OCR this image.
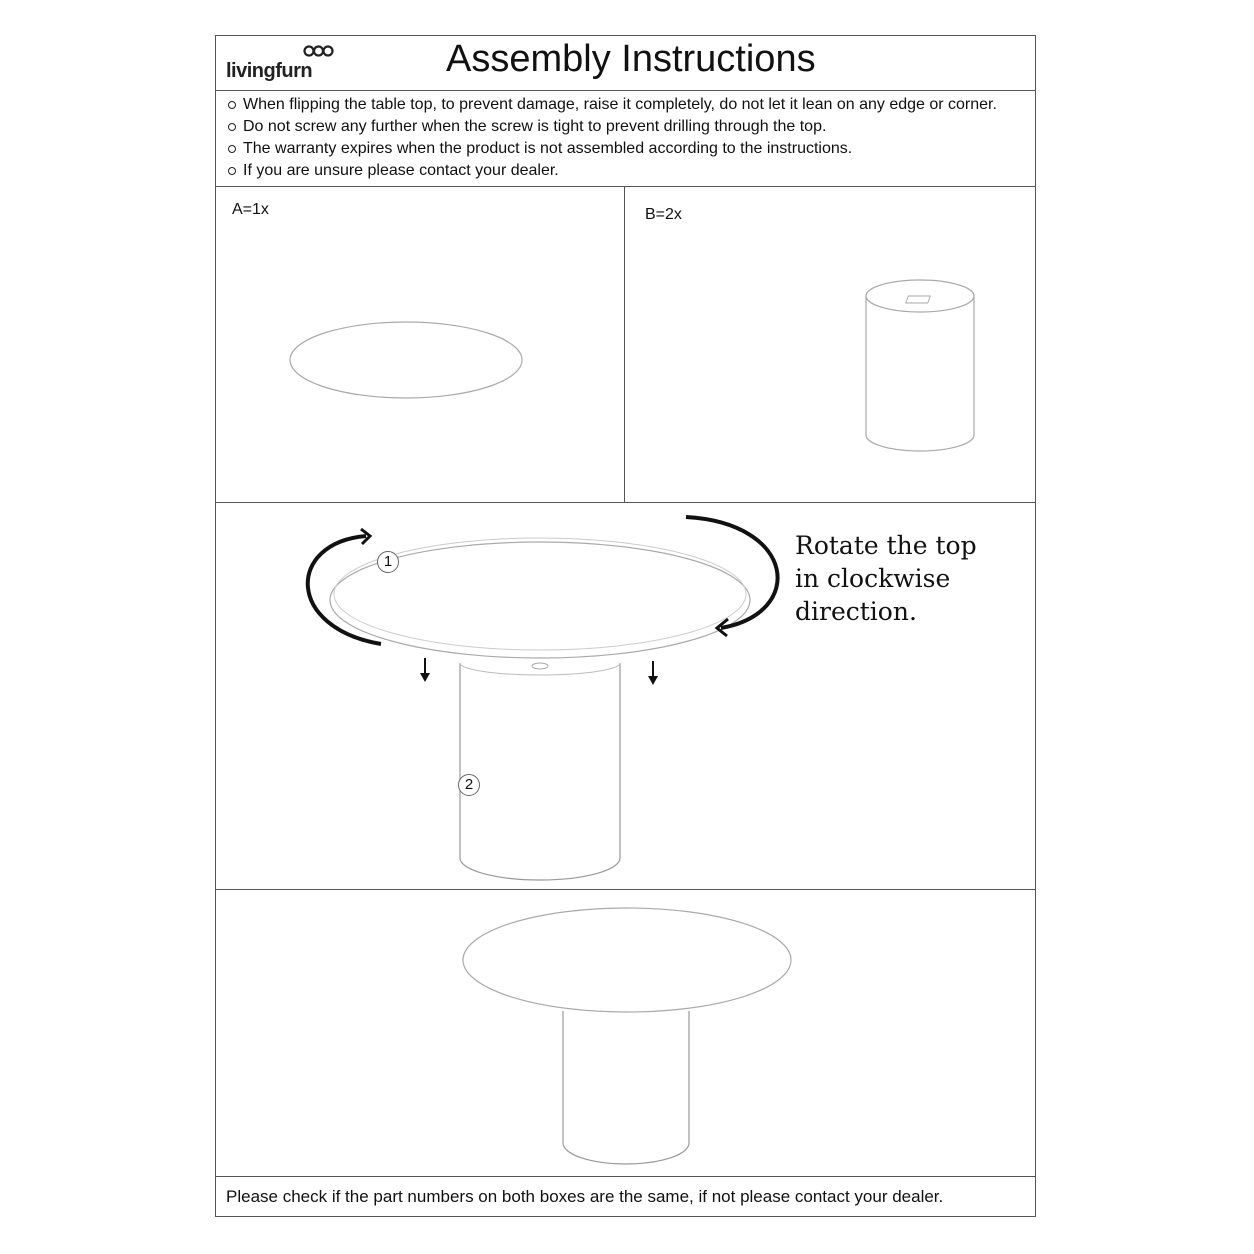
livingfurn	Assembly Instructions
When flipping the table top, to prevent damage, raise it completely, do not let it lean on any edge or corner.
Do not screw any further when the screw is tight to prevent drilling through the top.
The warranty expires when the product is not assembled according to the instructions.
If you are unsure please contact your dealer.
A=1x	B=2x
1
2
Rotate the top
in clockwise
direction.
Please check if the part numbers on both boxes are the same, if not please contact your dealer.
